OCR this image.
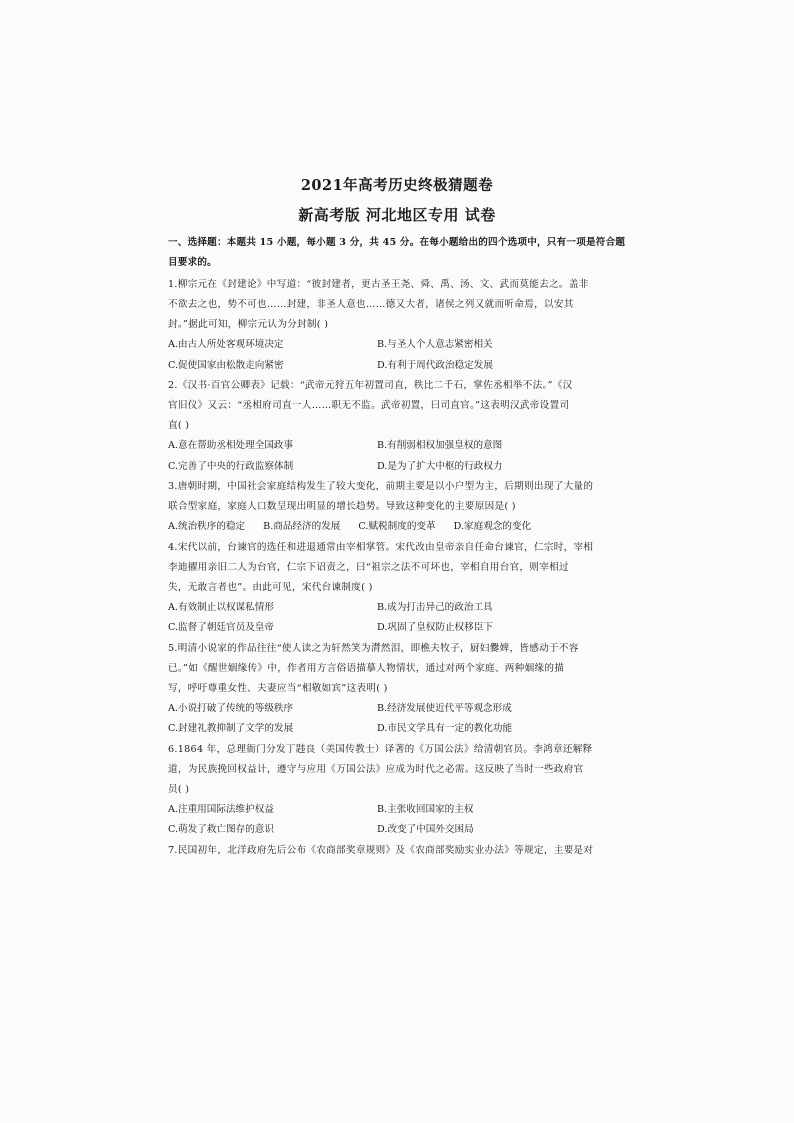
2021年高考历史终极猜题卷

新高考版 河北地区专用 试卷

一、选择题：本题共 15 小题，每小题 3 分，共 45 分。在每小题给出的四个选项中，只有一项是符合题目要求的。

1.柳宗元在《封建论》中写道：“彼封建者，更古圣王尧、舜、禹、汤、文、武而莫能去之。盖非

不欲去之也，势不可也……封建，非圣人意也……德又大者，诸侯之列又就而听命焉，以安其

封。”据此可知，柳宗元认为分封制( )

A.由古人所处客观环境决定	B.与圣人个人意志紧密相关
C.促使国家由松散走向紧密	D.有利于周代政治稳定发展

2.《汉书·百官公卿表》记载：“武帝元狩五年初置司直，秩比二千石，掌佐丞相举不法。”《汉

官旧仪》又云：“丞相府司直一人……职无不监。武帝初置，曰司直官。”这表明汉武帝设置司

直( )

A.意在帮助丞相处理全国政事	B.有削弱相权加强皇权的意图
C.完善了中央的行政监察体制	D.是为了扩大中枢的行政权力

3.唐朝时期，中国社会家庭结构发生了较大变化，前期主要是以小户型为主，后期则出现了大量的

联合型家庭，家庭人口数呈现出明显的增长趋势。导致这种变化的主要原因是( )

A.统治秩序的稳定 B.商品经济的发展 C.赋税制度的变革 D.家庭观念的变化

4.宋代以前，台谏官的选任和进退通常由宰相掌管。宋代改由皇帝亲自任命台谏官，仁宗时，宰相

李迪擢用亲旧二人为台官，仁宗下诏责之，曰“祖宗之法不可坏也，宰相自用台官，则宰相过

失，无敢言者也”。由此可见，宋代台谏制度( )

A.有效制止以权谋私情形	B.成为打击异己的政治工具
C.监督了朝廷官员及皇帝	D.巩固了皇权防止权移臣下

5.明清小说家的作品往往“使人读之为轩然笑为潸然泪，即樵夫牧子，厨妇爨婢，皆感动于不容

已。”如《醒世姻缘传》中，作者用方言俗语描摹人物情状，通过对两个家庭、两种姻缘的描

写，呼吁尊重女性、夫妻应当“相敬如宾”这表明( )

A.小说打破了传统的等级秩序	B.经济发展使近代平等观念形成
C.封建礼教抑制了文学的发展	D.市民文学具有一定的教化功能

6.1864 年，总理衙门分发丁韪良（美国传教士）译著的《万国公法》给清朝官员。李鸿章还解释

道，为民族挽回权益计，遵守与应用《万国公法》应成为时代之必需。这反映了当时一些政府官

员( )

A.注重用国际法维护权益	B.主张收回国家的主权
C.萌发了救亡图存的意识	D.改变了中国外交困局

7.民国初年，北洋政府先后公布《农商部奖章规则》及《农商部奖励实业办法》等规定，主要是对
